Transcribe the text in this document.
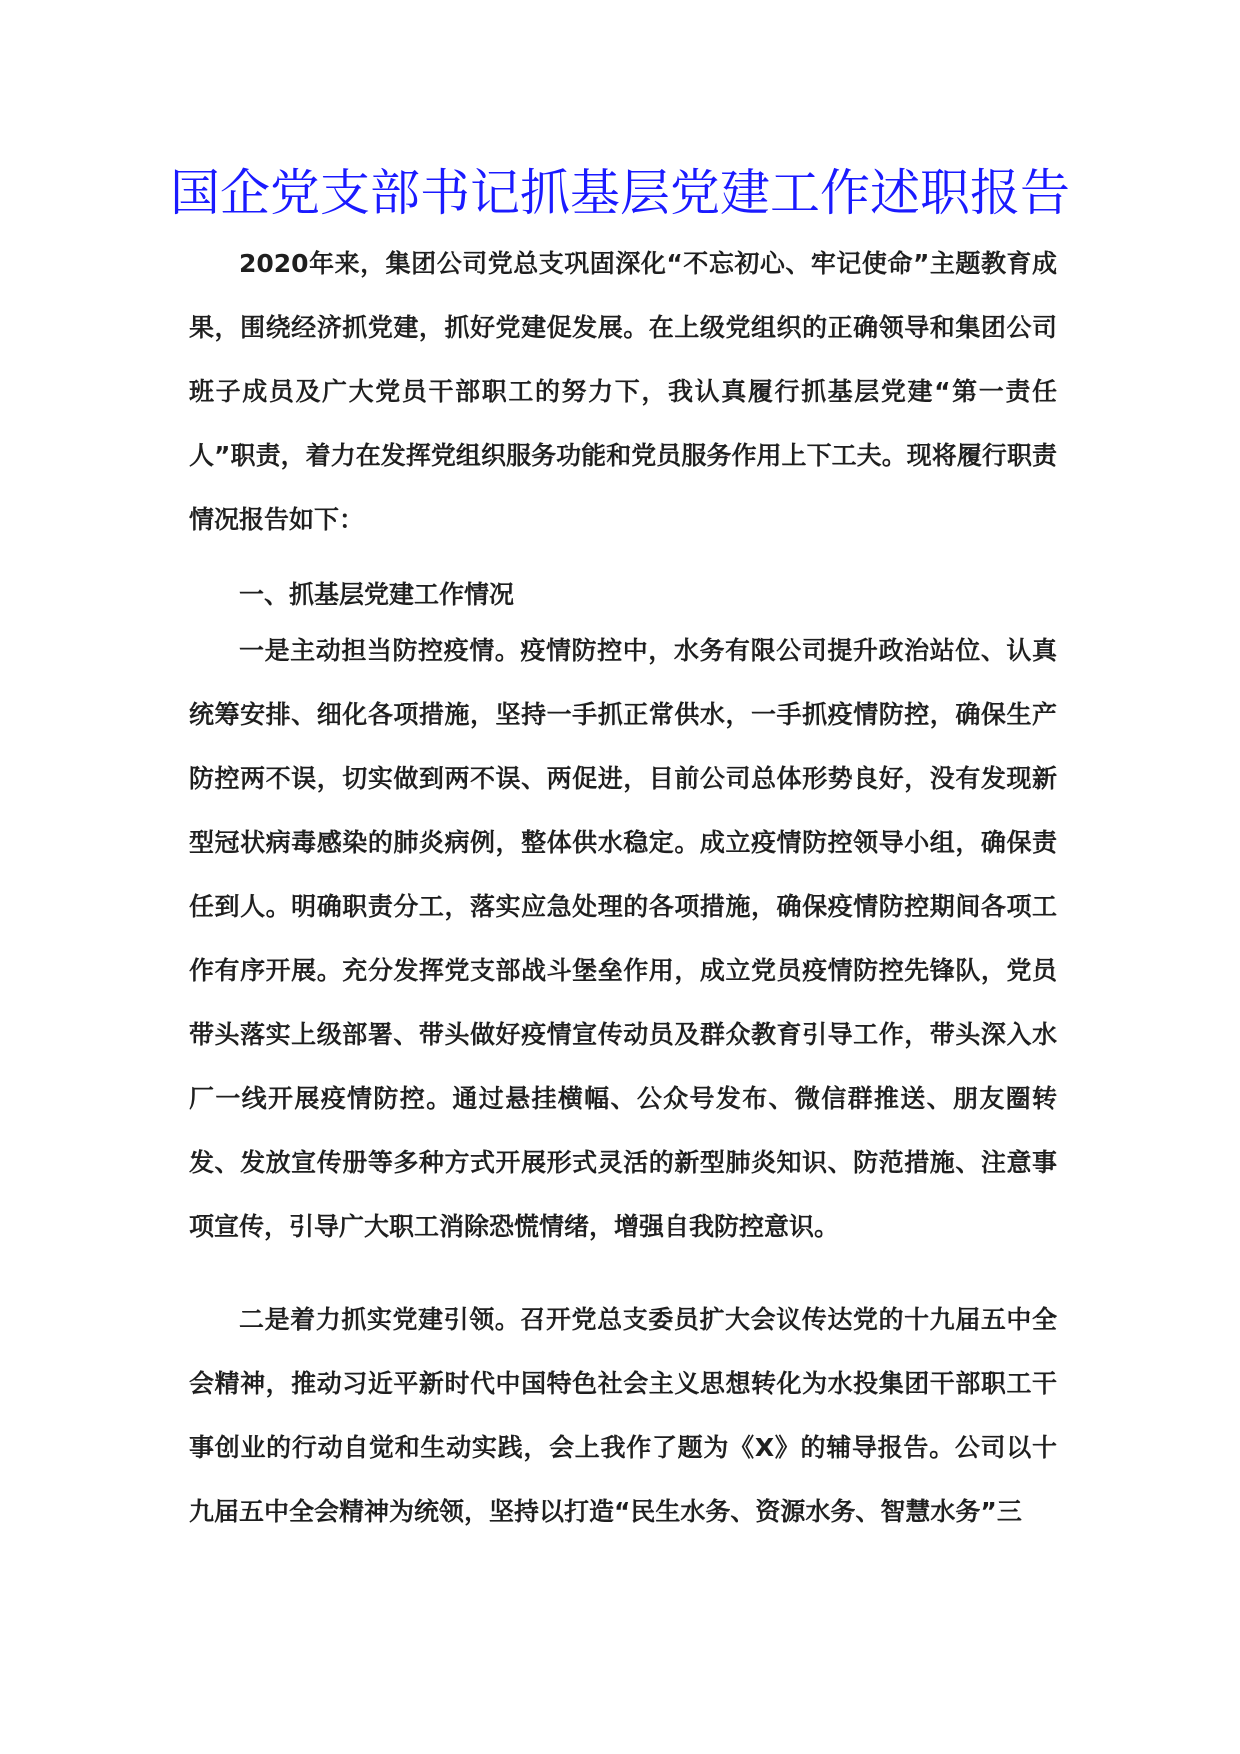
国企党支部书记抓基层党建工作述职报告

2020年来，集团公司党总支巩固深化“不忘初心、牢记使命”主题教育成果，围绕经济抓党建，抓好党建促发展。在上级党组织的正确领导和集团公司班子成员及广大党员干部职工的努力下，我认真履行抓基层党建“第一责任人”职责，着力在发挥党组织服务功能和党员服务作用上下工夫。现将履行职责情况报告如下：

一、抓基层党建工作情况

一是主动担当防控疫情。疫情防控中，水务有限公司提升政治站位、认真统筹安排、细化各项措施，坚持一手抓正常供水，一手抓疫情防控，确保生产防控两不误，切实做到两不误、两促进，目前公司总体形势良好，没有发现新型冠状病毒感染的肺炎病例，整体供水稳定。成立疫情防控领导小组，确保责任到人。明确职责分工，落实应急处理的各项措施，确保疫情防控期间各项工作有序开展。充分发挥党支部战斗堡垒作用，成立党员疫情防控先锋队，党员带头落实上级部署、带头做好疫情宣传动员及群众教育引导工作，带头深入水厂一线开展疫情防控。通过悬挂横幅、公众号发布、微信群推送、朋友圈转发、发放宣传册等多种方式开展形式灵活的新型肺炎知识、防范措施、注意事项宣传，引导广大职工消除恐慌情绪，增强自我防控意识。

二是着力抓实党建引领。召开党总支委员扩大会议传达党的十九届五中全会精神，推动习近平新时代中国特色社会主义思想转化为水投集团干部职工干事创业的行动自觉和生动实践，会上我作了题为《X》的辅导报告。公司以十九届五中全会精神为统领，坚持以打造“民生水务、资源水务、智慧水务”三
